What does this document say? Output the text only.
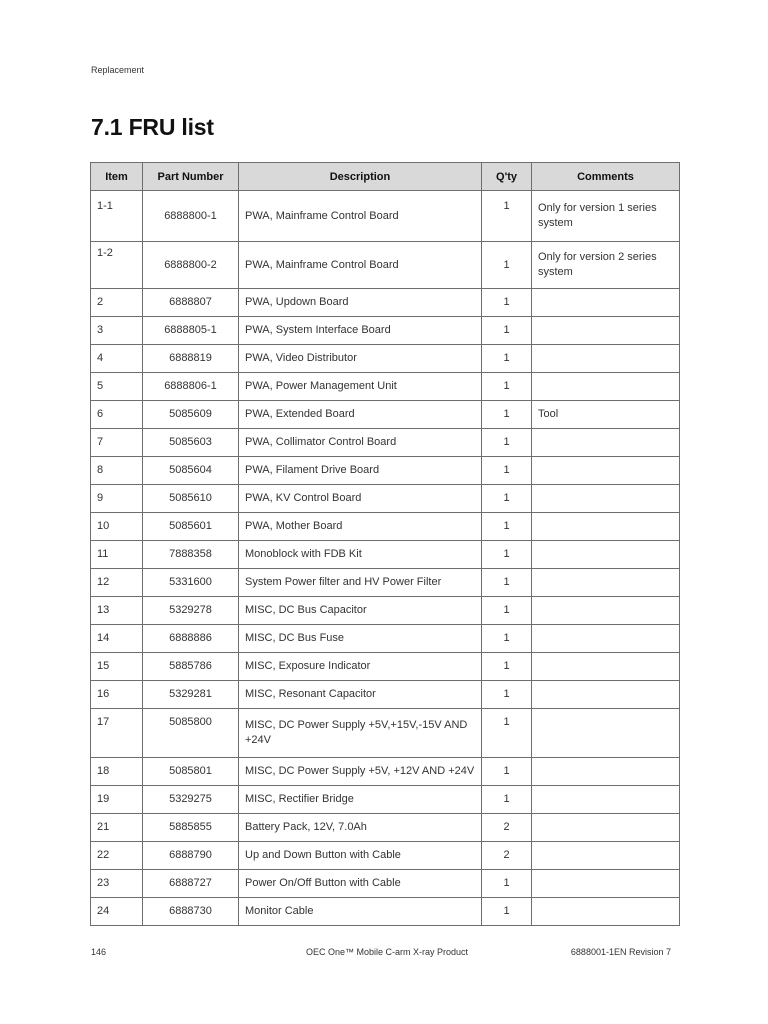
Replacement
7.1 FRU list
Item	Part Number	Description	Q'ty	Comments
1-1	6888800-1	PWA, Mainframe Control Board	1	Only for version 1 series system
1-2	6888800-2	PWA, Mainframe Control Board	1	Only for version 2 series system
2	6888807	PWA, Updown Board	1	
3	6888805-1	PWA, System Interface Board	1	
4	6888819	PWA, Video Distributor	1	
5	6888806-1	PWA, Power Management Unit	1	
6	5085609	PWA, Extended Board	1	Tool
7	5085603	PWA, Collimator Control Board	1	
8	5085604	PWA, Filament Drive Board	1	
9	5085610	PWA, KV Control Board	1	
10	5085601	PWA, Mother Board	1	
11	7888358	Monoblock with FDB Kit	1	
12	5331600	System Power filter and HV Power Filter	1	
13	5329278	MISC, DC Bus Capacitor	1	
14	6888886	MISC, DC Bus Fuse	1	
15	5885786	MISC, Exposure Indicator	1	
16	5329281	MISC, Resonant Capacitor	1	
17	5085800	MISC, DC Power Supply +5V,+15V,-15V AND +24V	1	
18	5085801	MISC, DC Power Supply +5V, +12V AND +24V	1	
19	5329275	MISC, Rectifier Bridge	1	
21	5885855	Battery Pack, 12V, 7.0Ah	2	
22	6888790	Up and Down Button with Cable	2	
23	6888727	Power On/Off Button with Cable	1	
24	6888730	Monitor Cable	1	
146	OEC One™ Mobile C-arm X-ray Product	6888001-1EN Revision 7
